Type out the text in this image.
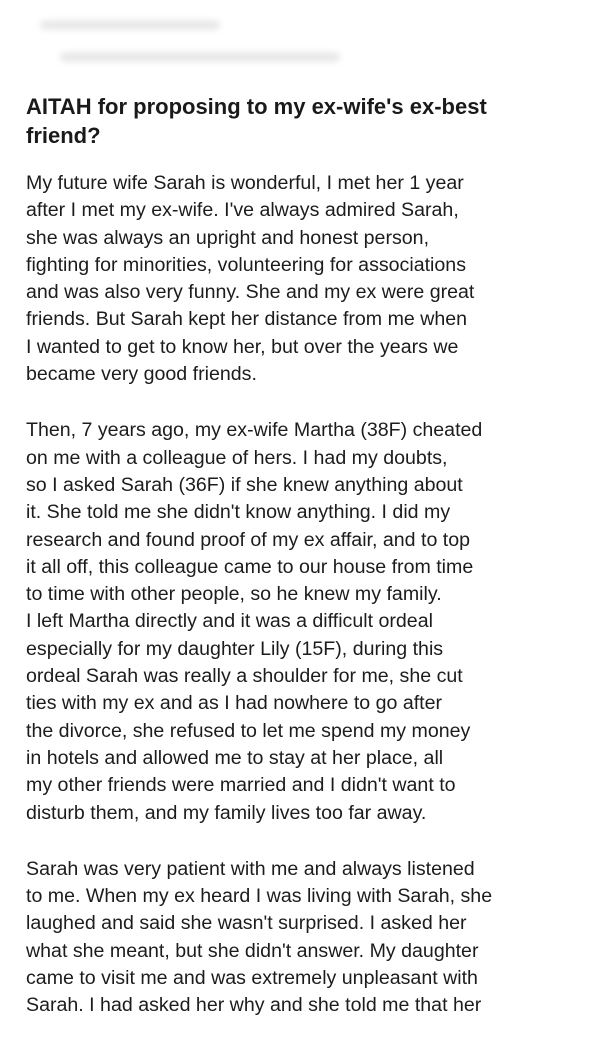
AITAH for proposing to my ex-wife's ex-best
friend?
My future wife Sarah is wonderful, I met her 1 year
after I met my ex-wife. I've always admired Sarah,
she was always an upright and honest person,
fighting for minorities, volunteering for associations
and was also very funny. She and my ex were great
friends. But Sarah kept her distance from me when
I wanted to get to know her, but over the years we
became very good friends.
Then, 7 years ago, my ex-wife Martha (38F) cheated
on me with a colleague of hers. I had my doubts,
so I asked Sarah (36F) if she knew anything about
it. She told me she didn't know anything. I did my
research and found proof of my ex affair, and to top
it all off, this colleague came to our house from time
to time with other people, so he knew my family.
I left Martha directly and it was a difficult ordeal
especially for my daughter Lily (15F), during this
ordeal Sarah was really a shoulder for me, she cut
ties with my ex and as I had nowhere to go after
the divorce, she refused to let me spend my money
in hotels and allowed me to stay at her place, all
my other friends were married and I didn't want to
disturb them, and my family lives too far away.
Sarah was very patient with me and always listened
to me. When my ex heard I was living with Sarah, she
laughed and said she wasn't surprised. I asked her
what she meant, but she didn't answer. My daughter
came to visit me and was extremely unpleasant with
Sarah. I had asked her why and she told me that her
